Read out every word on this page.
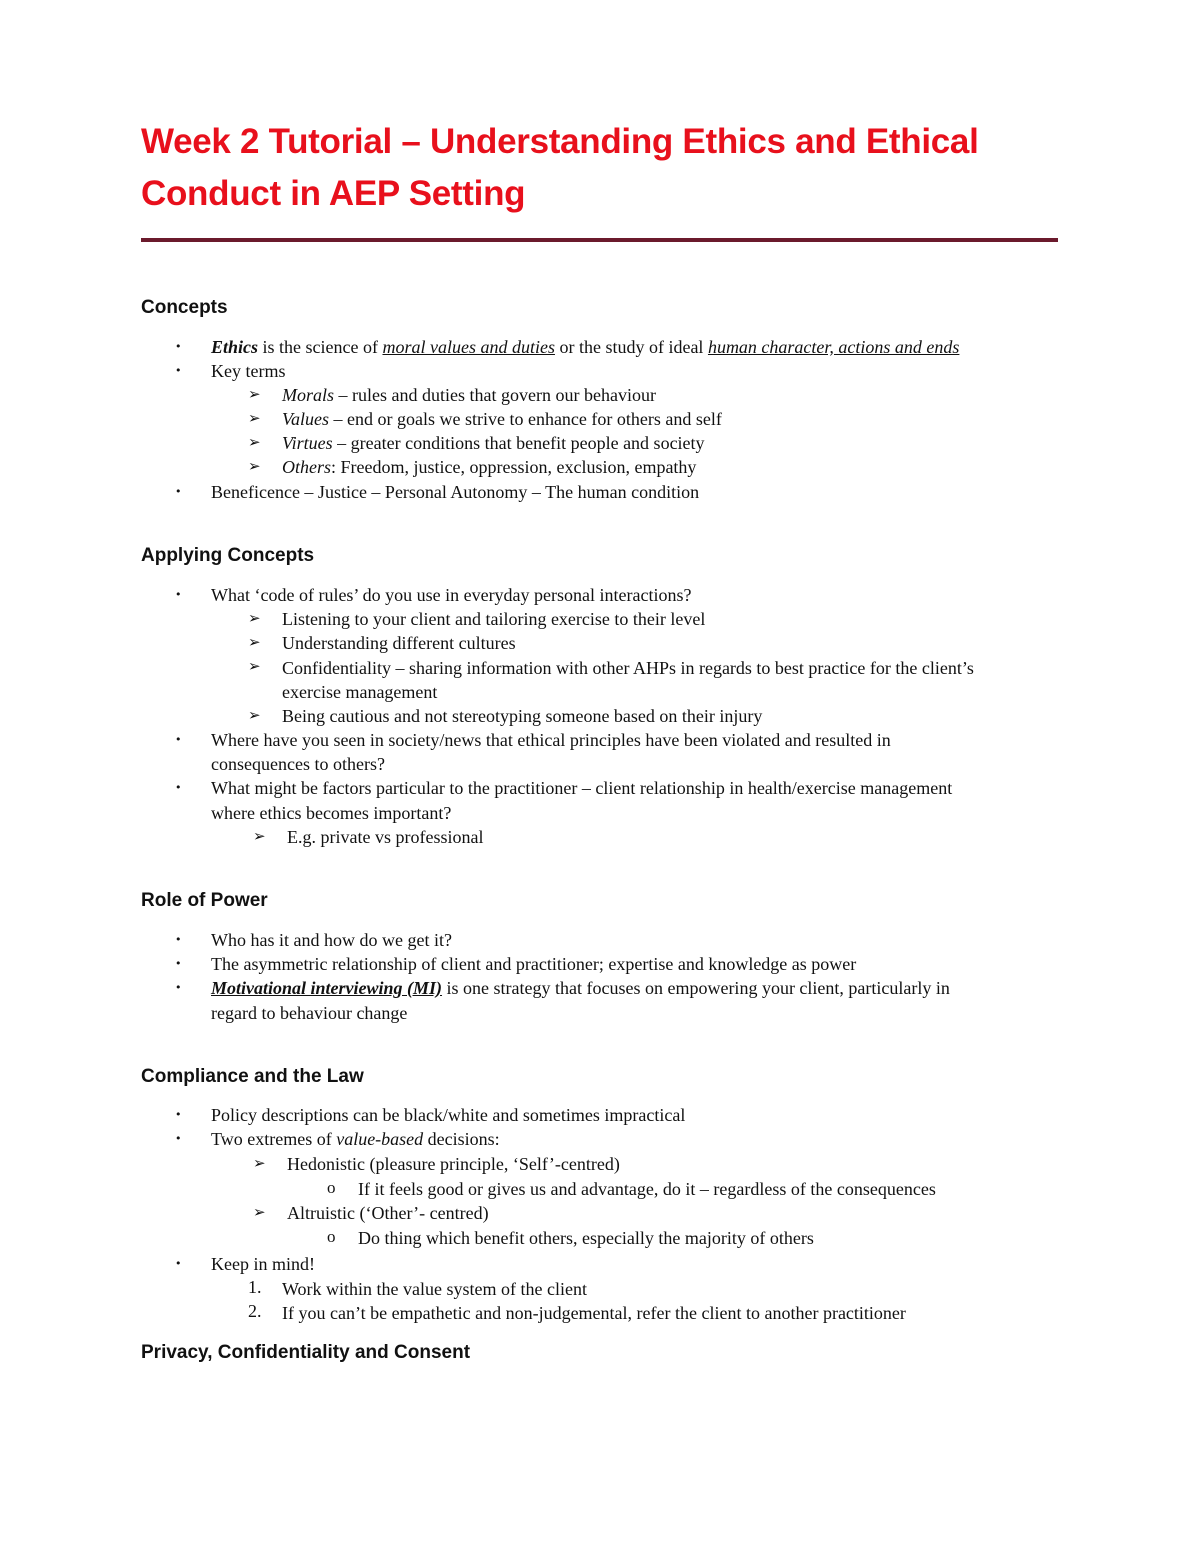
Week 2 Tutorial – Understanding Ethics and Ethical Conduct in AEP Setting
Concepts
• Ethics is the science of moral values and duties or the study of ideal human character, actions and ends
• Key terms
➢ Morals – rules and duties that govern our behaviour
➢ Values – end or goals we strive to enhance for others and self
➢ Virtues – greater conditions that benefit people and society
➢ Others: Freedom, justice, oppression, exclusion, empathy
• Beneficence – Justice – Personal Autonomy – The human condition
Applying Concepts
• What ‘code of rules’ do you use in everyday personal interactions?
➢ Listening to your client and tailoring exercise to their level
➢ Understanding different cultures
➢ Confidentiality – sharing information with other AHPs in regards to best practice for the client’s
exercise management
➢ Being cautious and not stereotyping someone based on their injury
• Where have you seen in society/news that ethical principles have been violated and resulted in
consequences to others?
• What might be factors particular to the practitioner – client relationship in health/exercise management
where ethics becomes important?
➢ E.g. private vs professional
Role of Power
• Who has it and how do we get it?
• The asymmetric relationship of client and practitioner; expertise and knowledge as power
• Motivational interviewing (MI) is one strategy that focuses on empowering your client, particularly in
regard to behaviour change
Compliance and the Law
• Policy descriptions can be black/white and sometimes impractical
• Two extremes of value-based decisions:
➢ Hedonistic (pleasure principle, ‘Self’-centred)
o If it feels good or gives us and advantage, do it – regardless of the consequences
➢ Altruistic (‘Other’- centred)
o Do thing which benefit others, especially the majority of others
• Keep in mind!
1. Work within the value system of the client
2. If you can’t be empathetic and non-judgemental, refer the client to another practitioner
Privacy, Confidentiality and Consent
